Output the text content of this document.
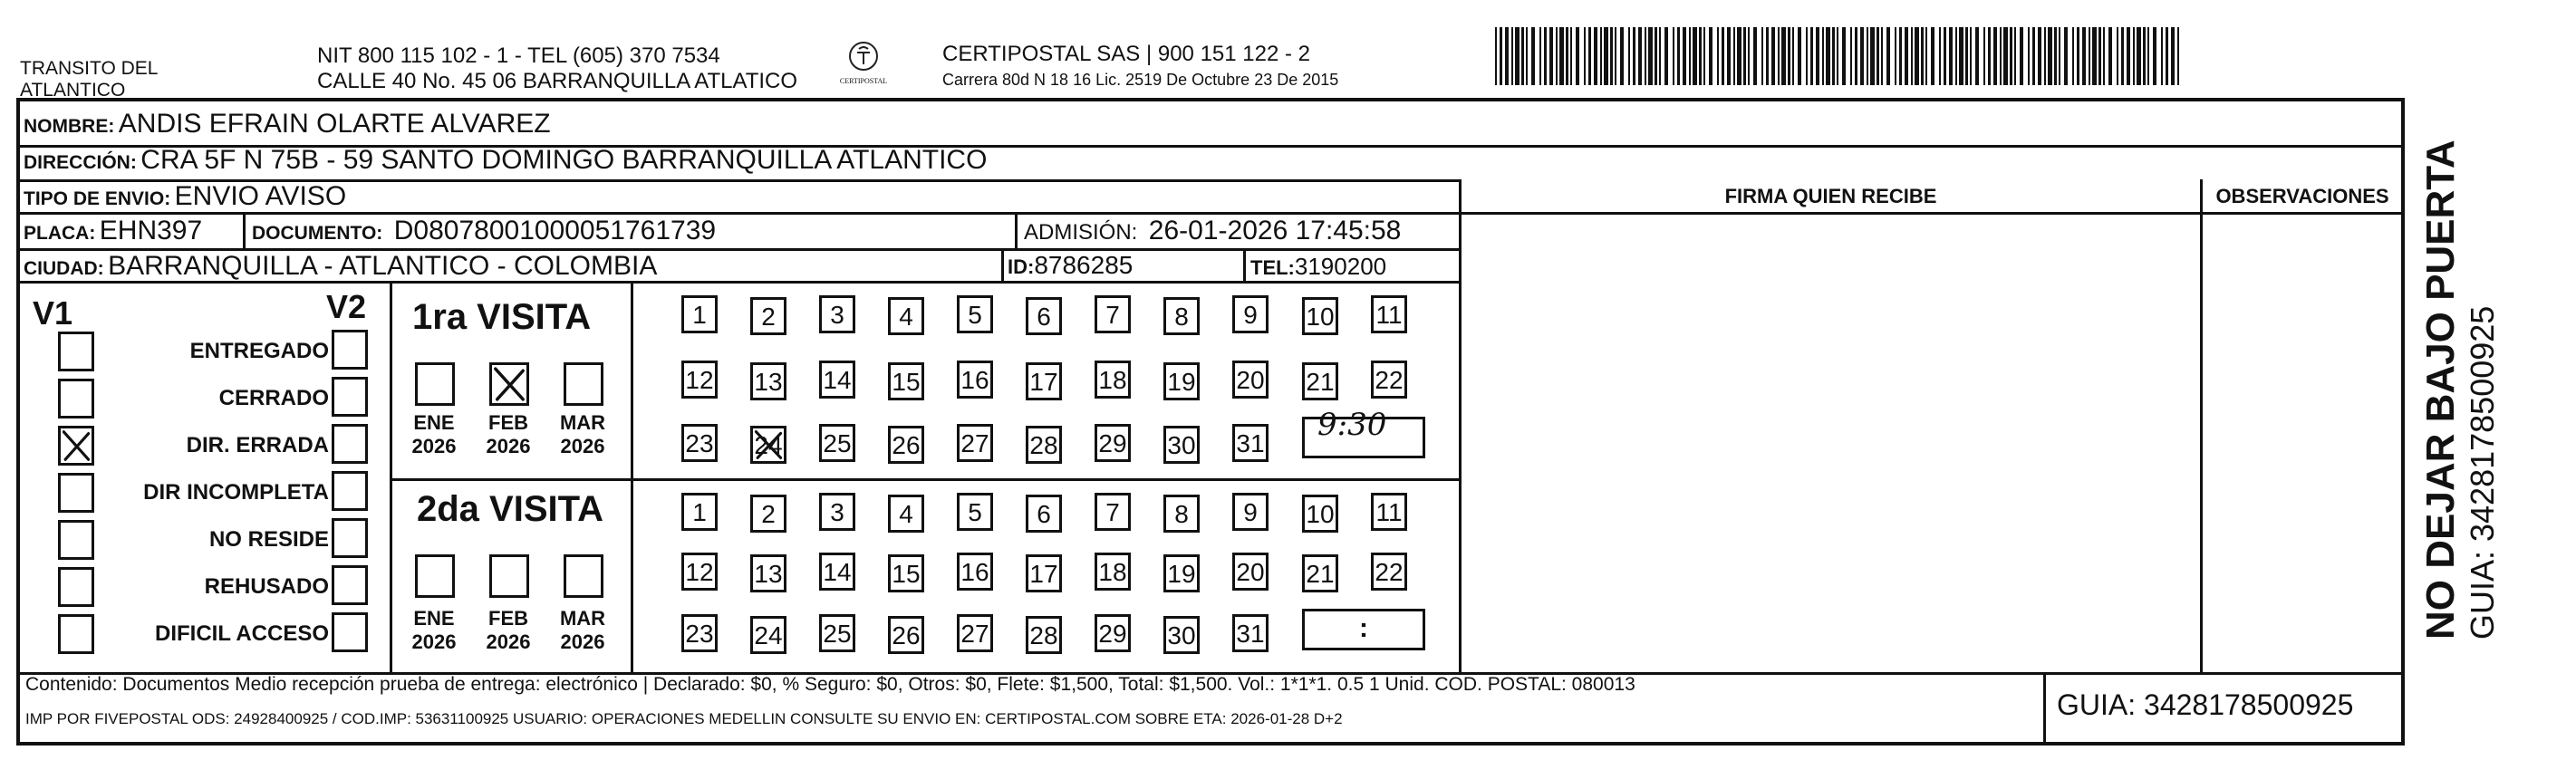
TRANSITO DEL
ATLANTICO
NIT 800 115 102 - 1 - TEL (605) 370 7534
CALLE 40 No. 45 06 BARRANQUILLA ATLATICO	CERTIPOSTAL
CERTIPOSTAL SAS | 900 151 122 - 2
Carrera 80d N 18 16 Lic. 2519 De Octubre 23 De 2015
NOMBRE: ANDIS EFRAIN OLARTE ALVAREZ
DIRECCIÓN: CRA 5F N 75B - 59 SANTO DOMINGO BARRANQUILLA ATLANTICO
TIPO DE ENVIO: ENVIO AVISO
PLACA: EHN397	DOCUMENTO: D08078001000051761739	ADMISIÓN: 26-01-2026 17:45:58
CIUDAD: BARRANQUILLA - ATLANTICO - COLOMBIA	ID:8786285	TEL:3190200
FIRMA QUIEN RECIBE	OBSERVACIONES
V1	V2
ENTREGADO
CERRADO
DIR. ERRADA
DIR INCOMPLETA
NO RESIDE
REHUSADO
DIFICIL ACCESO
1ra VISITA
2da VISITA
ENE
2026
FEB
2026
MAR
2026
ENE
2026
FEB
2026
MAR
2026
1	2	3	4	5	6	7	8	9	10 11
12 13 14 15 16 17 18 19 20 21 22
23 24 25 26 27 28 29 30 31
1	2	3	4	5	6	7	8	9	10 11
12 13 14 15 16 17 18 19 20 21 22
23 24 25 26 27 28 29 30 31
9:30
:	NO DEJAR BAJO PUERTA GUIA: 3428178500925
Contenido: Documentos Medio recepción prueba de entrega: electrónico | Declarado: $0, % Seguro: $0, Otros: $0, Flete: $1,500, Total: $1,500. Vol.: 1*1*1. 0.5 1 Unid. COD. POSTAL: 080013
IMP POR FIVEPOSTAL ODS: 24928400925 / COD.IMP: 53631100925 USUARIO: OPERACIONES MEDELLIN CONSULTE SU ENVIO EN: CERTIPOSTAL.COM SOBRE ETA: 2026-01-28 D+2	GUIA: 3428178500925
